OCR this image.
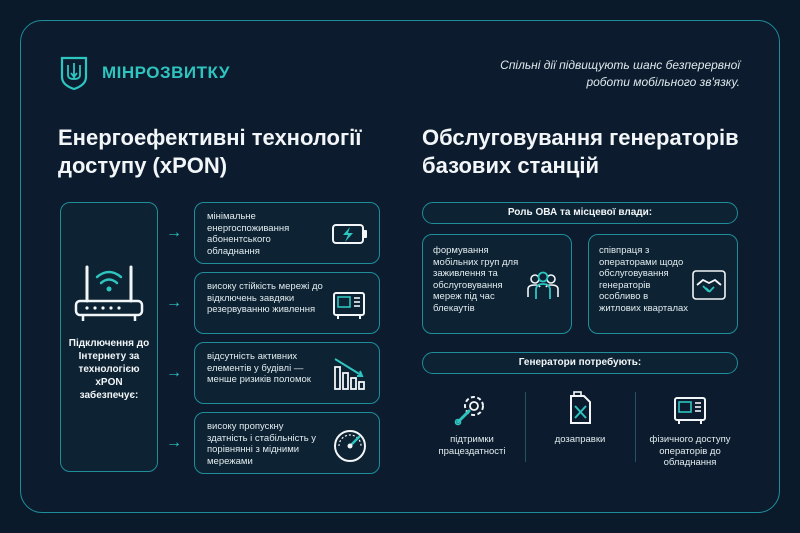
МІНРОЗВИТКУ	Спільні дії підвищують шанс безперервної роботи мобільного зв'язку.
Енергоефективні технології доступу (xPON)
Обслуговування генераторів базових станцій
Підключення до Інтернету за технологією xPON забезпечує:
→
мінімальне енергоспоживання абонентського обладнання
→
високу стійкість мережі до відключень завдяки резервуванню живлення
→
відсутність активних елементів у будівлі — менше ризиків поломок
→
високу пропускну здатність і стабільність у порівнянні з мідними мережами
Роль ОВА та місцевої влади:
формування мобільних груп для заживлення та обслуговування мереж під час блекаутів
співпраця з операторами щодо обслуговування генераторів особливо в житлових кварталах
Генератори потребують:
підтримки працездатності
дозаправки	фізичного доступу операторів до обладнання
